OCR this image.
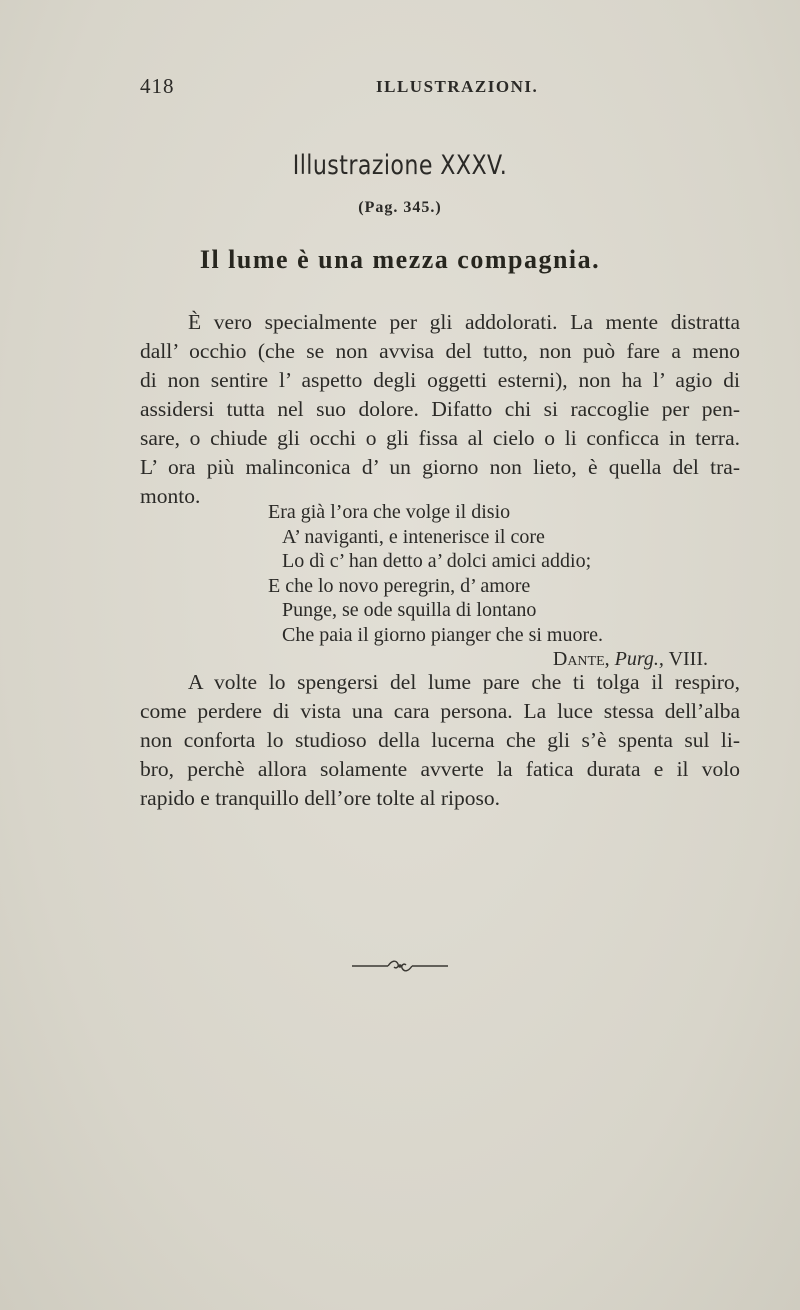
418	ILLUSTRAZIONI.
Illustrazione XXXV.
(Pag. 345.)
Il lume è una mezza compagnia.

È vero specialmente per gli addolorati. La mente distratta
dall’ occhio (che se non avvisa del tutto, non può fare a meno
di non sentire l’ aspetto degli oggetti esterni), non ha l’ agio di
assidersi tutta nel suo dolore. Difatto chi si raccoglie per pen-
sare, o chiude gli occhi o gli fissa al cielo o li conficca in terra.
L’ ora più malinconica d’ un giorno non lieto, è quella del tra-
monto.

Era già l’ora che volge il disio
A’ naviganti, e intenerisce il core
Lo dì c’ han detto a’ dolci amici addio;
E che lo novo peregrin, d’ amore
Punge, se ode squilla di lontano
Che paia il giorno pianger che si muore.
Dante, Purg., VIII.

A volte lo spengersi del lume pare che ti tolga il respiro,
come perdere di vista una cara persona. La luce stessa dell’alba
non conforta lo studioso della lucerna che gli s’è spenta sul li-
bro, perchè allora solamente avverte la fatica durata e il volo
rapido e tranquillo dell’ore tolte al riposo.
